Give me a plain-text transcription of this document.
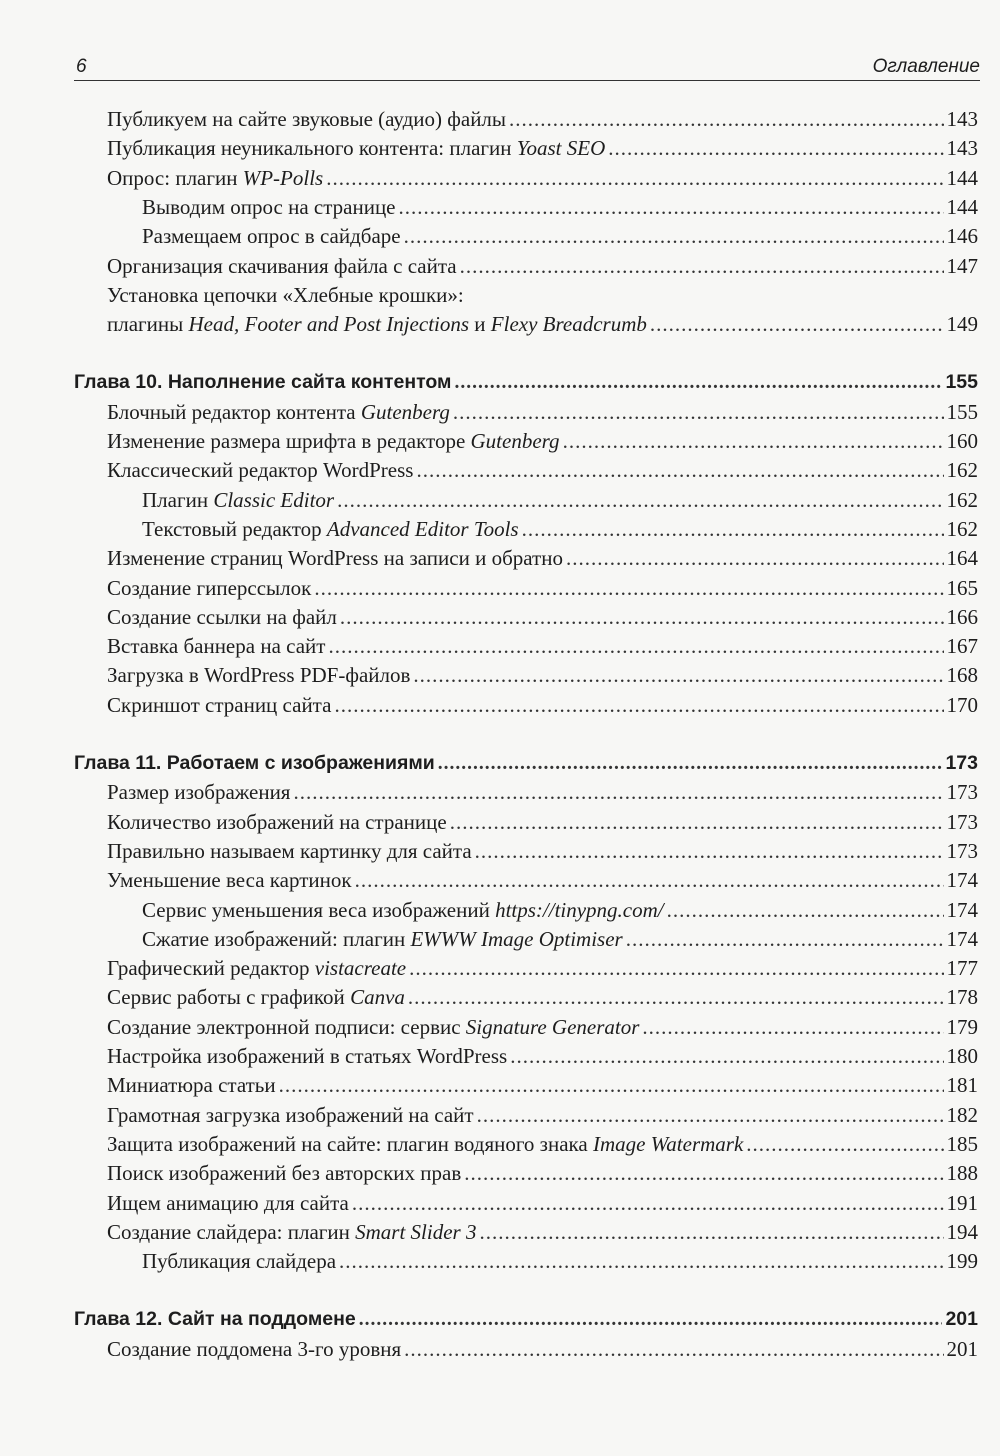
6	Оглавление
Публикуем на сайте звуковые (аудио) файлы .....	143
Публикация неуникального контента: плагин Yoast SEO .....	143
Опрос: плагин WP-Polls .....	144
Выводим опрос на странице .....	144
Размещаем опрос в сайдбаре .....	146
Организация скачивания файла с сайта .....	147
Установка цепочки «Хлебные крошки»:
плагины Head, Footer and Post Injections и Flexy Breadcrumb .....	149
Глава 10. Наполнение сайта контентом .....	155
Блочный редактор контента Gutenberg .....	155
Изменение размера шрифта в редакторе Gutenberg .....	160
Классический редактор WordPress .....	162
Плагин Classic Editor .....	162
Текстовый редактор Advanced Editor Tools .....	162
Изменение страниц WordPress на записи и обратно .....	164
Создание гиперссылок .....	165
Создание ссылки на файл .....	166
Вставка баннера на сайт .....	167
Загрузка в WordPress PDF-файлов .....	168
Скриншот страниц сайта .....	170
Глава 11. Работаем с изображениями .....	173
Размер изображения .....	173
Количество изображений на странице .....	173
Правильно называем картинку для сайта .....	173
Уменьшение веса картинок .....	174
Сервис уменьшения веса изображений https://tinypng.com/ .....	174
Сжатие изображений: плагин EWWW Image Optimiser .....	174
Графический редактор vistacreate .....	177
Сервис работы с графикой Canva .....	178
Создание электронной подписи: сервис Signature Generator .....	179
Настройка изображений в статьях WordPress .....	180
Миниатюра статьи .....	181
Грамотная загрузка изображений на сайт .....	182
Защита изображений на сайте: плагин водяного знака Image Watermark .....	185
Поиск изображений без авторских прав .....	188
Ищем анимацию для сайта .....	191
Создание слайдера: плагин Smart Slider 3 .....	194
Публикация слайдера .....	199
Глава 12. Сайт на поддомене .....	201
Создание поддомена 3-го уровня .....	201
